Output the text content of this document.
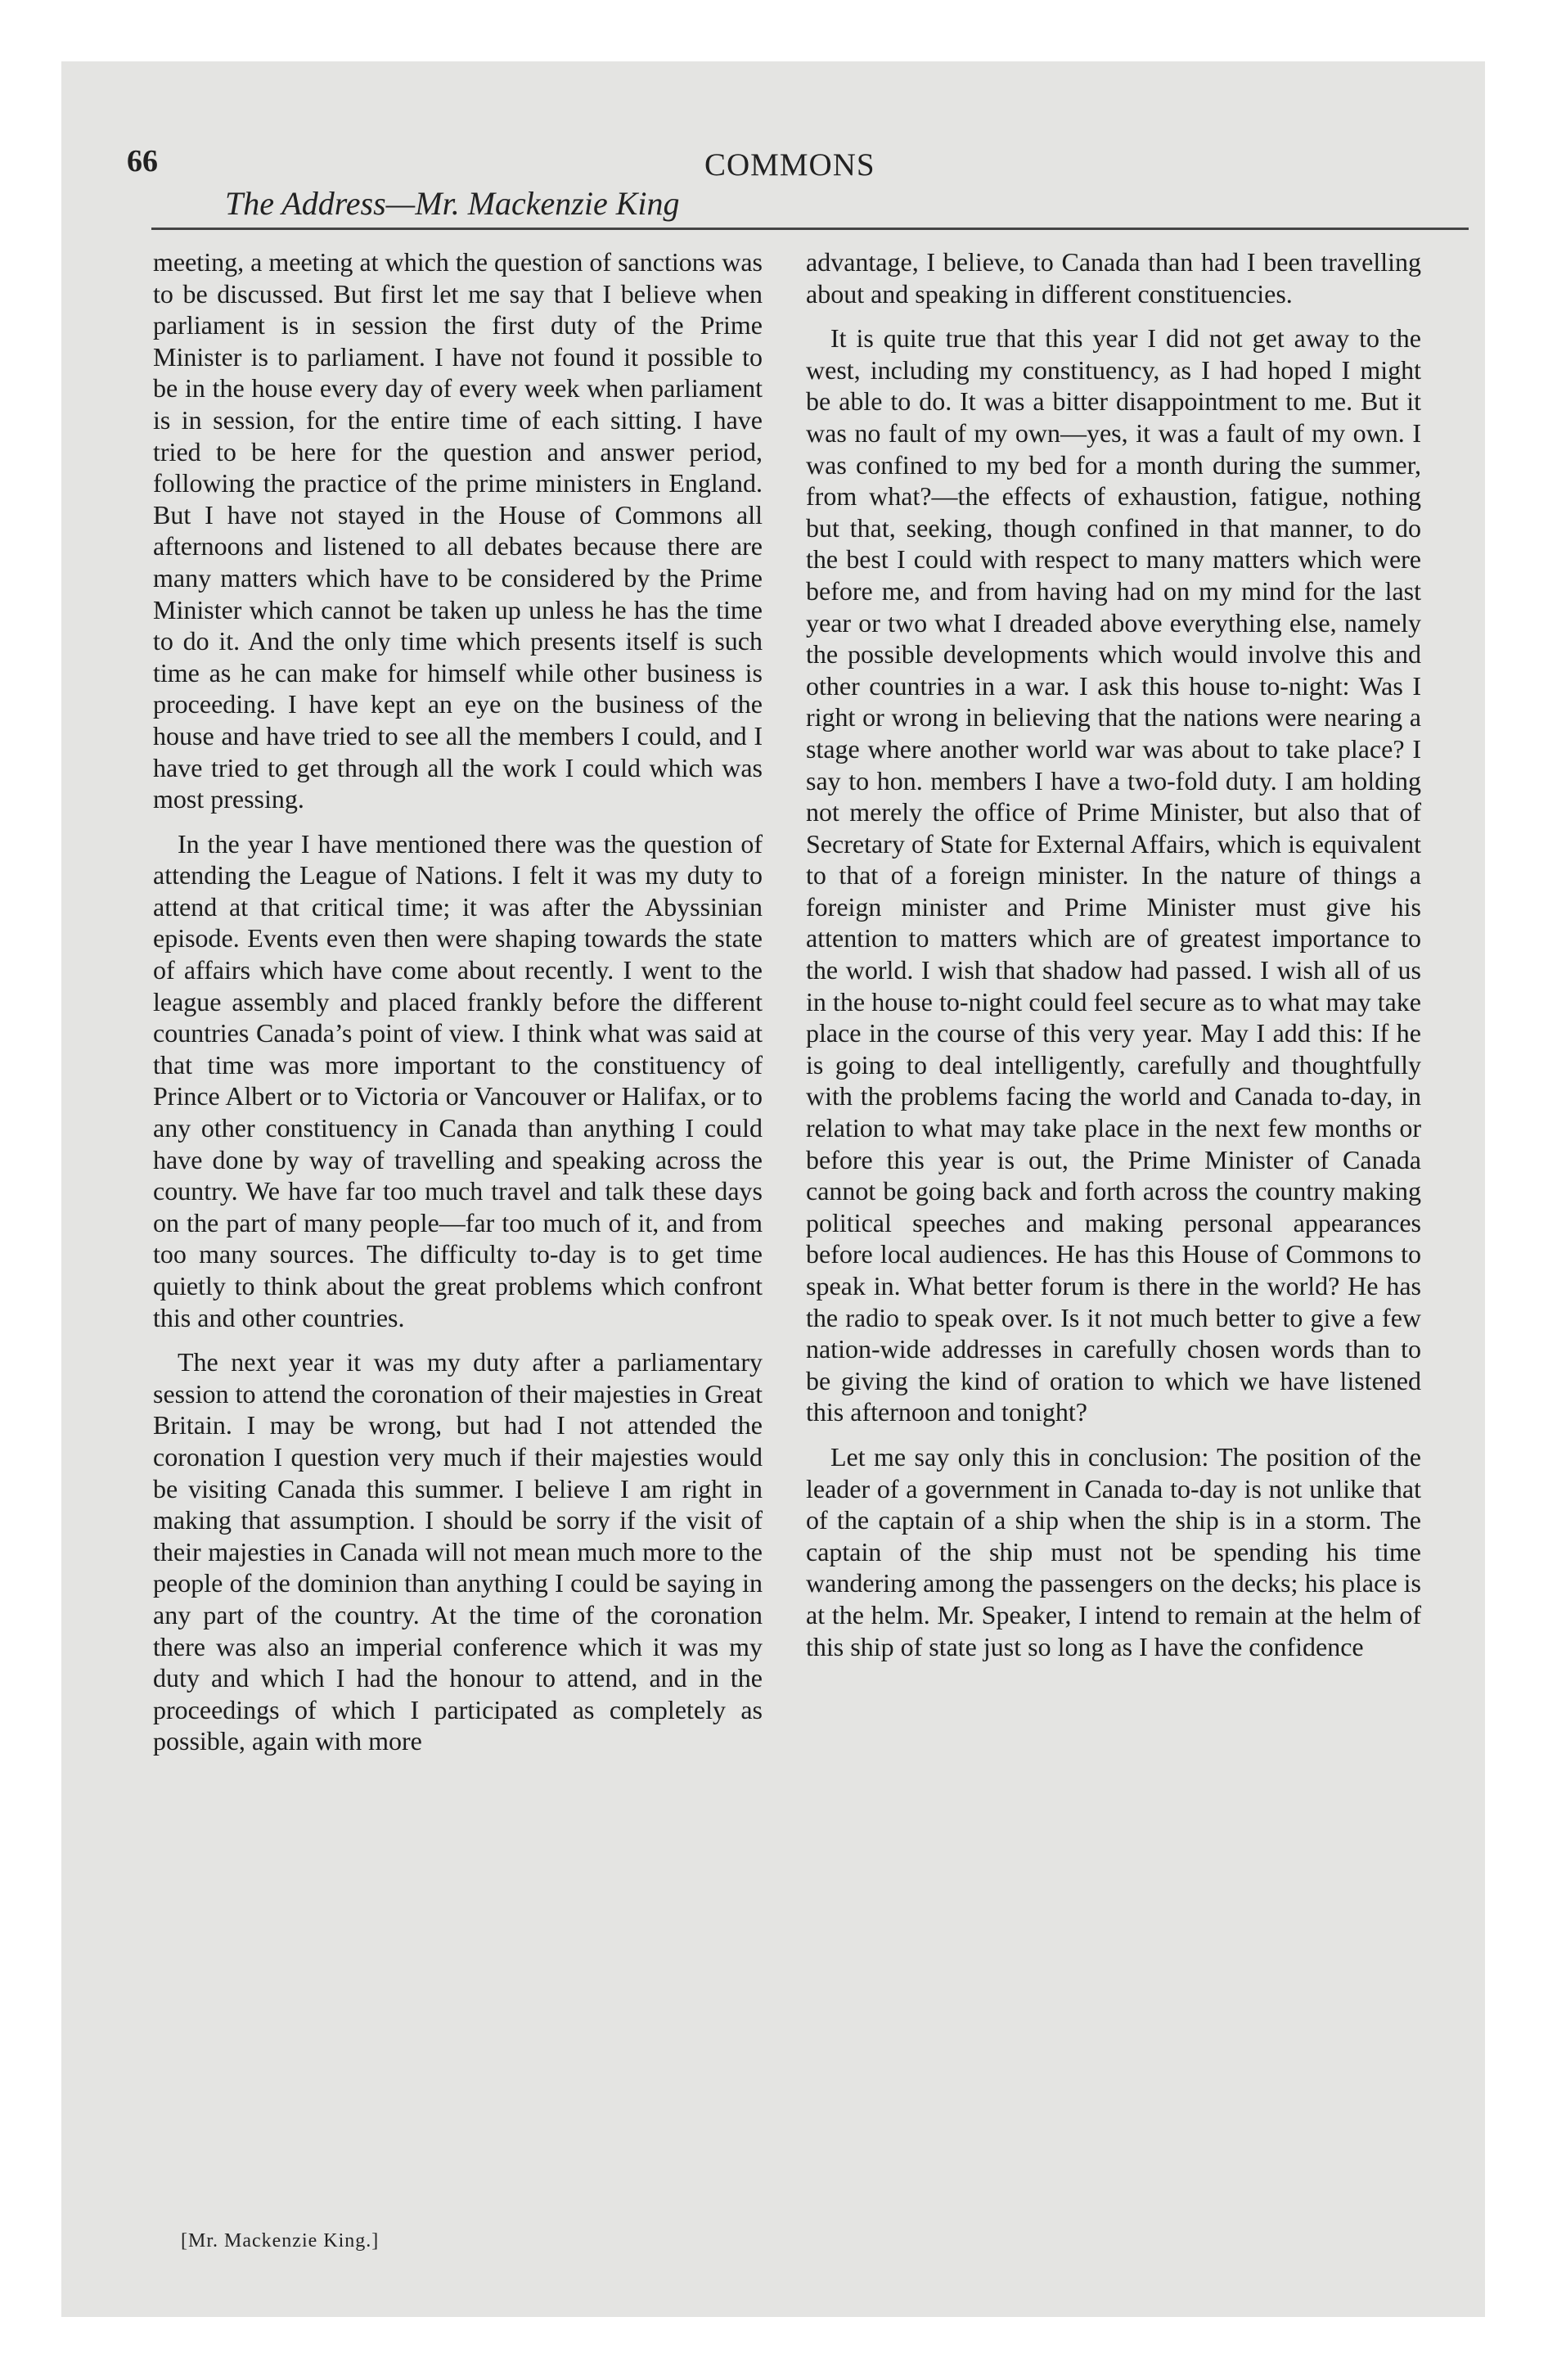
66	COMMONS
The Address—Mr. Mackenzie King

meeting, a meeting at which the question of sanctions was to be discussed. But first let me say that I believe when parliament is in session the first duty of the Prime Minister is to parliament. I have not found it possible to be in the house every day of every week when parliament is in session, for the entire time of each sitting. I have tried to be here for the question and answer period, following the practice of the prime ministers in England. But I have not stayed in the House of Commons all afternoons and listened to all debates because there are many matters which have to be considered by the Prime Minister which cannot be taken up unless he has the time to do it. And the only time which presents itself is such time as he can make for himself while other business is proceeding. I have kept an eye on the business of the house and have tried to see all the members I could, and I have tried to get through all the work I could which was most pressing.

In the year I have mentioned there was the question of attending the League of Nations. I felt it was my duty to attend at that critical time; it was after the Abyssinian episode. Events even then were shaping towards the state of affairs which have come about recently. I went to the league assembly and placed frankly before the different countries Canada’s point of view. I think what was said at that time was more important to the constituency of Prince Albert or to Victoria or Vancouver or Halifax, or to any other constituency in Canada than anything I could have done by way of travelling and speaking across the country. We have far too much travel and talk these days on the part of many people—far too much of it, and from too many sources. The difficulty to-day is to get time quietly to think about the great problems which confront this and other countries.

The next year it was my duty after a parliamentary session to attend the coronation of their majesties in Great Britain. I may be wrong, but had I not attended the coronation I question very much if their majesties would be visiting Canada this summer. I believe I am right in making that assumption. I should be sorry if the visit of their majesties in Canada will not mean much more to the people of the dominion than anything I could be saying in any part of the country. At the time of the coronation there was also an imperial conference which it was my duty and which I had the honour to attend, and in the proceedings of which I participated as completely as possible, again with more

advantage, I believe, to Canada than had I been travelling about and speaking in different constituencies.

It is quite true that this year I did not get away to the west, including my constituency, as I had hoped I might be able to do. It was a bitter disappointment to me. But it was no fault of my own—yes, it was a fault of my own. I was confined to my bed for a month during the summer, from what?—the effects of exhaustion, fatigue, nothing but that, seeking, though confined in that manner, to do the best I could with respect to many matters which were before me, and from having had on my mind for the last year or two what I dreaded above everything else, namely the possible developments which would involve this and other countries in a war. I ask this house to-night: Was I right or wrong in believing that the nations were nearing a stage where another world war was about to take place? I say to hon. members I have a two-fold duty. I am holding not merely the office of Prime Minister, but also that of Secretary of State for External Affairs, which is equivalent to that of a foreign minister. In the nature of things a foreign minister and Prime Minister must give his attention to matters which are of greatest importance to the world. I wish that shadow had passed. I wish all of us in the house to-night could feel secure as to what may take place in the course of this very year. May I add this: If he is going to deal intelligently, carefully and thoughtfully with the problems facing the world and Canada to-day, in relation to what may take place in the next few months or before this year is out, the Prime Minister of Canada cannot be going back and forth across the country making political speeches and making personal appearances before local audiences. He has this House of Commons to speak in. What better forum is there in the world? He has the radio to speak over. Is it not much better to give a few nation-wide addresses in carefully chosen words than to be giving the kind of oration to which we have listened this afternoon and tonight?

Let me say only this in conclusion: The position of the leader of a government in Canada to-day is not unlike that of the captain of a ship when the ship is in a storm. The captain of the ship must not be spending his time wandering among the passengers on the decks; his place is at the helm. Mr. Speaker, I intend to remain at the helm of this ship of state just so long as I have the confidence

[Mr. Mackenzie King.]
